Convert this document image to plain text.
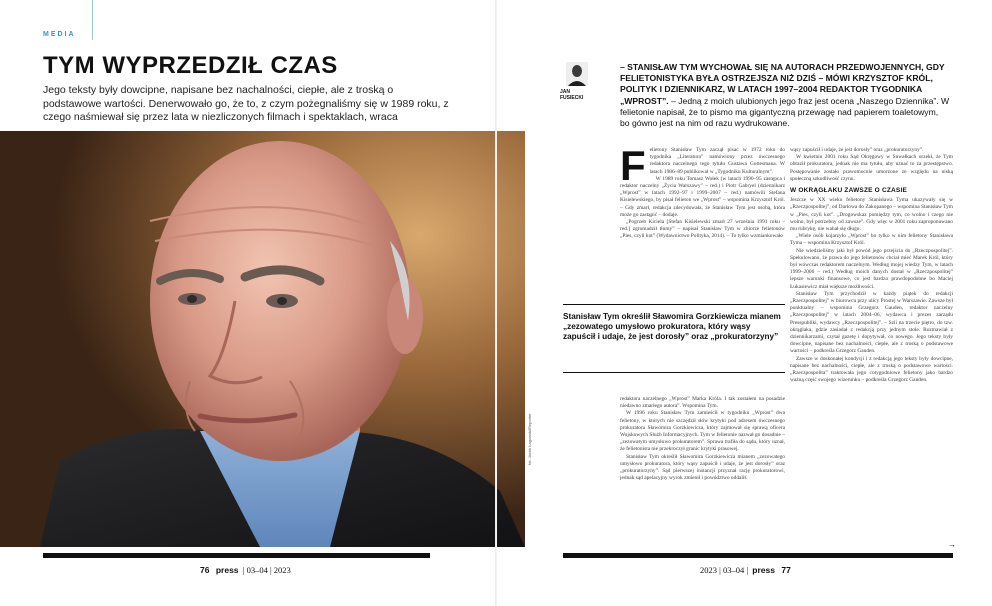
MEDIA
TYM WYPRZEDZIŁ CZAS

Jego teksty były dowcipne, napisane bez nachalności, ciepłe, ale z troską o podstawowe wartości. Denerwowało go, że to, z czym pożegnaliśmy się w 1989 roku, z czego naśmiewał się przez lata w niezliczonych filmach i spektaklach, wraca

fot. Jacek Łagowski/Reporter
76 press  | 03–04 | 2023
JAN
FUSIECKI

– STANISŁAW TYM WYCHOWAŁ SIĘ NA AUTORACH PRZEDWOJENNYCH, GDY FELIETONISTYKA BYŁA OSTRZEJSZA NIŻ DZIŚ – MÓWI KRZYSZTOF KRÓL, POLITYK I DZIENNIKARZ, W LATACH 1997–2004 REDAKTOR TYGODNIKA „WPROST”. – Jedną z moich ulubionych jego fraz jest ocena „Naszego Dziennika”. W felietonie napisał, że to pismo ma gigantyczną przewagę nad papierem toaletowym, bo gówno jest na nim od razu wydrukowane.

F elietony Stanisław Tym zaczął pisać w 1972 roku do tygodnika „Literatura” namówiony przez ówczesnego redaktora naczelnego tego tytułu Gustawa Gottesmana. W latach 1986–89 publikował w „Tygodniku Kulturalnym”.

W 1989 roku Tomasz Wołek (w latach 1990–95 zastępca i redaktor naczelny „Życia Warszawy” – red.) i Piotr Gabryel (dziennikarz „Wprost” w latach 1992–97 i 1999–2007 – red.) namówili Stefana Kisielewskiego, by pisał felieton we „Wprost” – wspomina Krzysztof Król. – Gdy zmarł, redakcja zdecydowała, że Stanisław Tym jest osobą, która może go zastąpić – dodaje.

„Pogrzeb Kiciela [Stefan Kisielewski zmarł 27 września 1991 roku – red.] zgromadził tłumy” – napisał Stanisław Tym w zbiorze felietonów „Pies, czyli kot” (Wydawnictwo Polityka, 2014). – To tylko wzmiankowało

Stanisław Tym określił Sławomira Gorzkiewicza mianem „zezowatego umysłowo prokuratora, który wąsy zapuścił i udaje, że jest dorosły” oraz „prokuratorzyny”

redaktora naczelnego „Wprost” Marka Króla. I tak zostałem na posadzie niedawno zmarłego autora”. Wspomina Tym.

W 1996 roku Stanisław Tym zamieścił w tygodniku „Wprost” dwa felietony, w których nie szczędził słów krytyki pod adresem ówczesnego prokuratora Sławomira Gorzkiewicza, który zajmował się sprawą oficera Wojskowych Służb Informacyjnych. Tym w felietonie nazwał go dosadnie – „zezowatym umysłowo prokuratorem”. Sprawa trafiła do sądu, który uznał, że felietonista nie przekroczył granic krytyki prasowej.

Stanisław Tym określił Sławomira Gorzkiewicza mianem „zezowatego umysłowo prokuratora, który wąsy zapuścił i udaje, że jest dorosły” oraz „prokuratorzyny”. Sąd pierwszej instancji przyznał rację prokuratorowi, jednak sąd apelacyjny wyrok zmienił i powództwo oddalił.

wąsy zapuścił i udaje, że jest dorosły” oraz „prokuratorzyny”.

W kwietniu 2001 roku Sąd Okręgowy w Suwałkach orzekł, że Tym obraził prokuratora, jednak nie ma tytułu, aby uznać to za przestępstwo. Postępowanie zostało prawomocnie umorzone ze względu na niską społeczną szkodliwość czynu.

W OKRĄGŁAKU ZAWSZE O CZASIE

Jeszcze w XX wieku felietony Stanisława Tyma ukazywały się w „Rzeczpospolitej”, od Darłowa do Zakopanego – wspomina Stanisław Tym w „Pies, czyli kot”. „Drogowskaz pomiędzy tym, co wolno i czego nie wolno, był potrzebny od zawsze”. Gdy więc w 2001 roku zaproponowano mu rubrykę, nie wahał się długo.

„Wiele osób kojarzyło „Wprost” bo tylko w nim felietony Stanisława Tyma – wspomina Krzysztof Król.

Nie wiedzieliśmy jaki był powód jego przejścia do „Rzeczpospolitej”. Spekulowano, że prawa do jego felietonów chciał mieć Marek Król, który był wówczas redaktorem naczelnym. Według mojej wiedzy Tym, w latach 1999–2006 – red.) Według moich danych dostał w „Rzeczpospolitej” lepsze warunki finansowe, co jest bardzo prawdopodobne bo Maciej Łukasiewicz miał większe możliwości.

Stanisław Tym przychodził w każdy piątek do redakcji „Rzeczpospolitej” w biurowcu przy ulicy Prostej w Warszawie. Zawsze był punktualny – wspomina Grzegorz Gauden, redaktor naczelny „Rzeczpospolitej” w latach 2004–06, wydawca i prezes zarządu Presspubliki, wydawcy „Rzeczpospolitej”. – Szli na trzecie piętro, do tzw. okrąglaka, gdzie zasiadał z redakcją przy jednym stole. Rozmawiał z dziennikarzami, czytał gazetę i dopytywał, co nowego. Jego teksty były dowcipne, napisane bez nachalności, ciepłe, ale z troską o podstawowe wartości – podkreśla Grzegorz Gauden.

Zawsze w doskonałej kondycji i z redakcją jego teksty były dowcipne, napisane bez nachalności, ciepłe, ale z troską o podstawowe wartości. „Rzeczpospolita” traktowała jego cotygodniowe felietony jako bardzo ważną część swojego wizerunku – podkreśla Grzegorz Gauden.

→
2023 | 03–04 | press 77
